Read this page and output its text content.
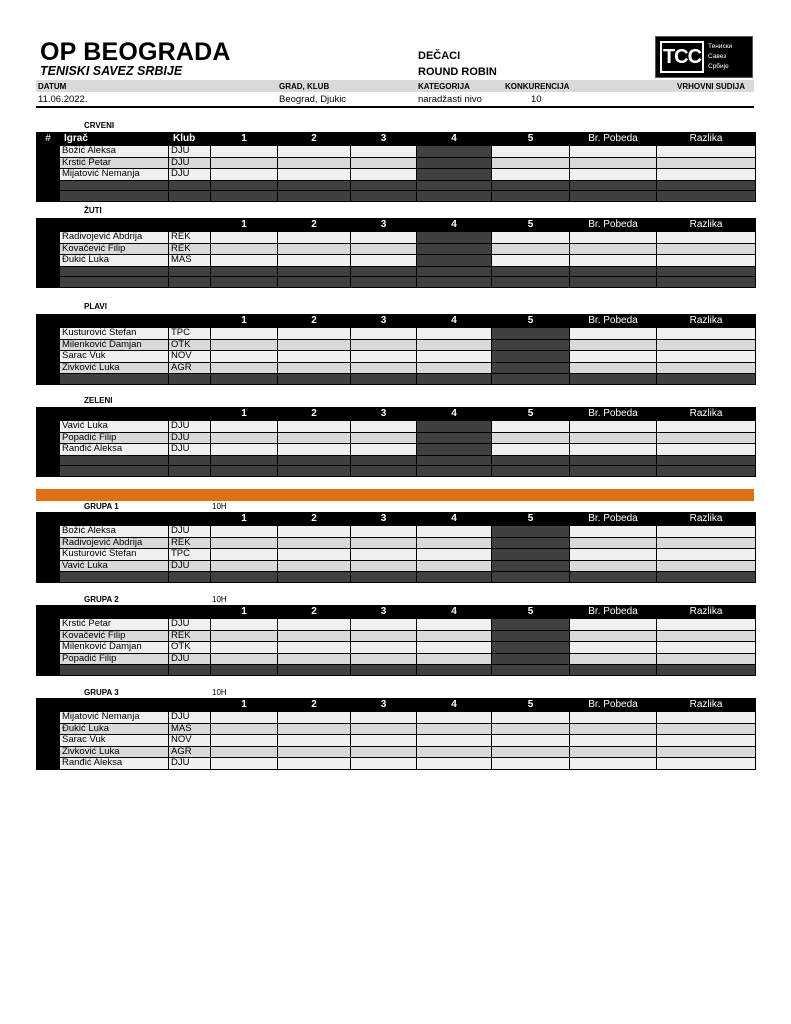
OP BEOGRADA
TENISKI SAVEZ SRBIJE
DEČACI
ROUND ROBIN
TCC	Тениски
Савез
Србије
DATUM	GRAD, KLUB	KATEGORIJA	KONKURENCIJA	VRHOVNI SUDIJA
11.06.2022.	Beograd, Djukic	naradžasti nivo	10
CRVENI
#	Igrač	Klub	1	2	3	4	5	Br. Pobeda	Razlika
	Božić Aleksa	DJU							
	Krstić Petar	DJU							
	Mijatović Nemanja	DJU							

ŽUTI
			1	2	3	4	5	Br. Pobeda	Razlika
	Radivojević Abdrija	REK							
	Kovačević Filip	REK							
	Đukić Luka	MAS							

PLAVI
			1	2	3	4	5	Br. Pobeda	Razlika
	Kusturović Stefan	TPC							
	Milenković Damjan	OTK							
	Sarac Vuk	NOV							
	Zivković Luka	AGR							

ZELENI
			1	2	3	4	5	Br. Pobeda	Razlika
	Vavić Luka	DJU							
	Popadić Filip	DJU							
	Ranđić Aleksa	DJU							

GRUPA 1	10H
			1	2	3	4	5	Br. Pobeda	Razlika
	Božić Aleksa	DJU							
	Radivojević Abdrija	REK							
	Kusturović Stefan	TPC							
	Vavić Luka	DJU							

GRUPA 2	10H
			1	2	3	4	5	Br. Pobeda	Razlika
	Krstić Petar	DJU							
	Kovačević Filip	REK							
	Milenković Damjan	OTK							
	Popadić Filip	DJU							

GRUPA 3	10H
			1	2	3	4	5	Br. Pobeda	Razlika
	Mijatović Nemanja	DJU							
	Đukić Luka	MAS							
	Sarac Vuk	NOV							
	Zivković Luka	AGR							
	Ranđić Aleksa	DJU							
